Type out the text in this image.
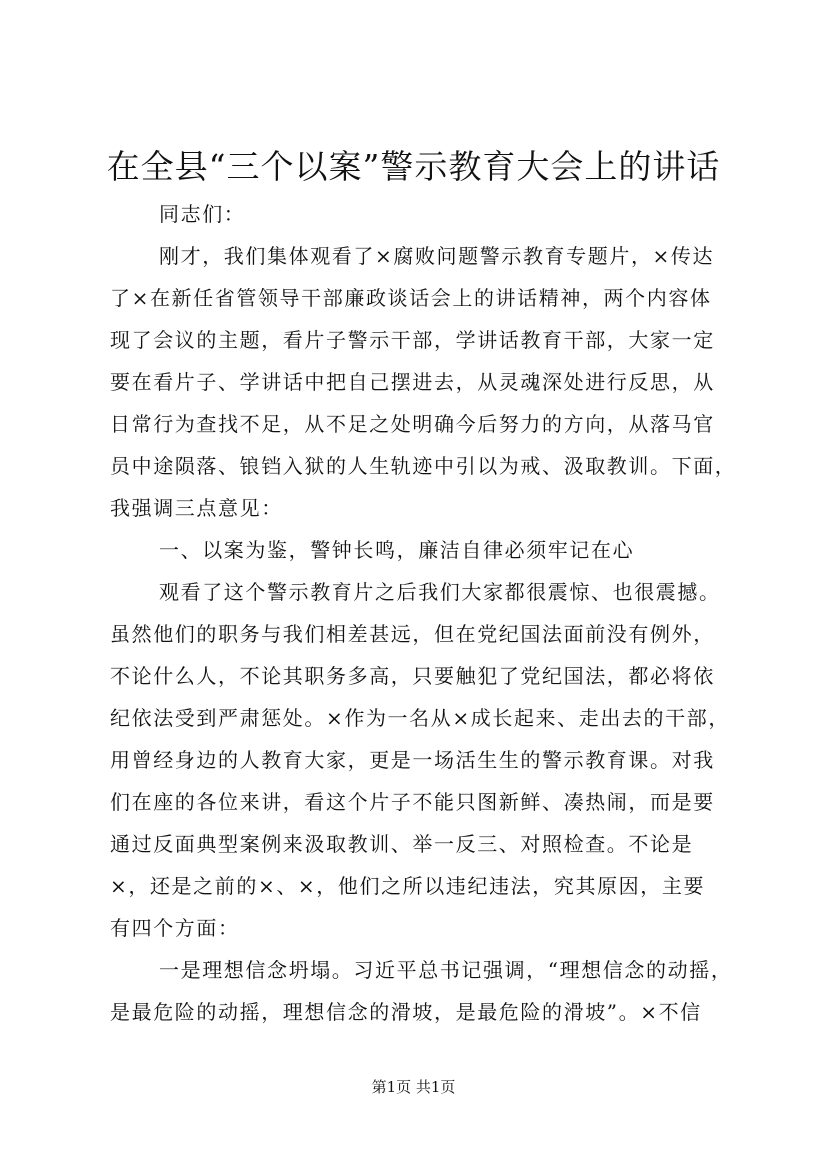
在全县“三个以案”警示教育大会上的讲话
同志们：
刚才，我们集体观看了×腐败问题警示教育专题片，×传达
了×在新任省管领导干部廉政谈话会上的讲话精神，两个内容体
现了会议的主题，看片子警示干部，学讲话教育干部，大家一定
要在看片子、学讲话中把自己摆进去，从灵魂深处进行反思，从
日常行为查找不足，从不足之处明确今后努力的方向，从落马官
员中途陨落、锒铛入狱的人生轨迹中引以为戒、汲取教训。下面，
我强调三点意见：
一、以案为鉴，警钟长鸣，廉洁自律必须牢记在心
观看了这个警示教育片之后我们大家都很震惊、也很震撼。
虽然他们的职务与我们相差甚远，但在党纪国法面前没有例外，
不论什么人，不论其职务多高，只要触犯了党纪国法，都必将依
纪依法受到严肃惩处。×作为一名从×成长起来、走出去的干部，
用曾经身边的人教育大家，更是一场活生生的警示教育课。对我
们在座的各位来讲，看这个片子不能只图新鲜、凑热闹，而是要
通过反面典型案例来汲取教训、举一反三、对照检查。不论是
×，还是之前的×、×，他们之所以违纪违法，究其原因，主要
有四个方面：
一是理想信念坍塌。习近平总书记强调，“理想信念的动摇，
是最危险的动摇，理想信念的滑坡，是最危险的滑坡”。×不信
第1页 共1页
